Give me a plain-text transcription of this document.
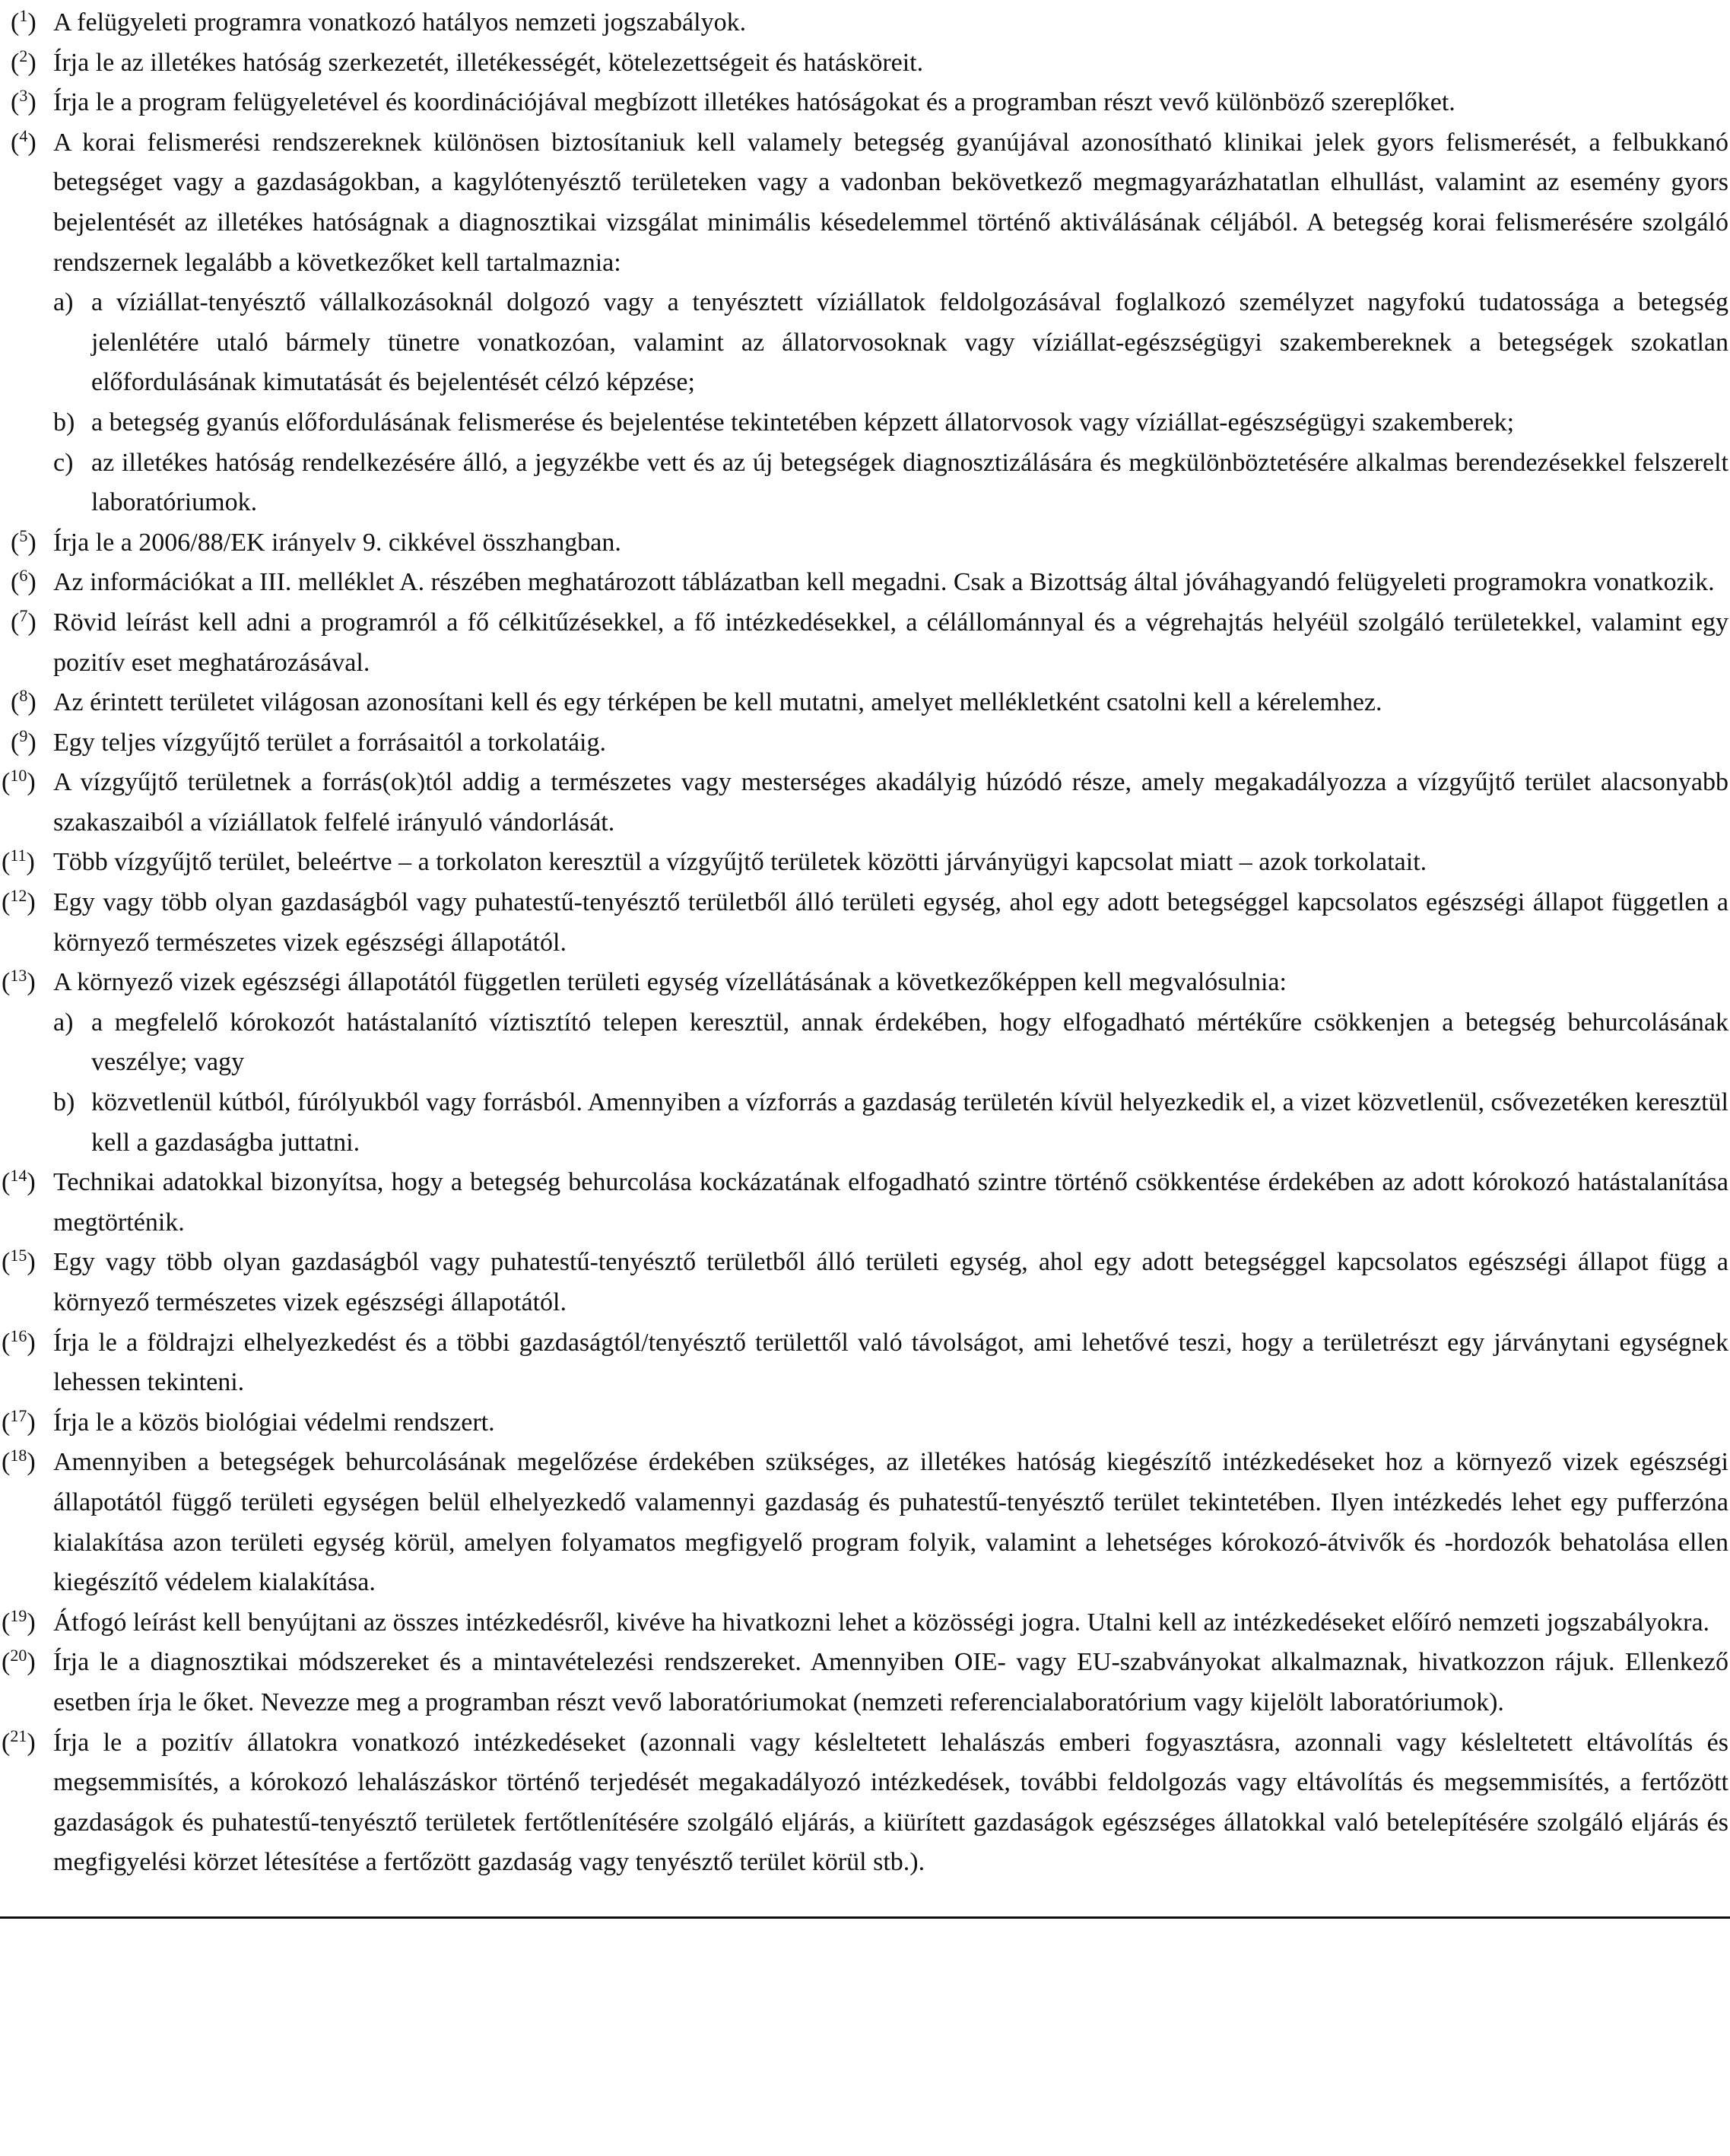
($^1$) A felügyeleti programra vonatkozó hatályos nemzeti jogszabályok.
($^2$) Írja le az illetékes hatóság szerkezetét, illetékességét, kötelezettségeit és hatásköreit.
($^3$) Írja le a program felügyeletével és koordinációjával megbízott illetékes hatóságokat és a programban részt vevő különböző szereplőket.
($^4$) A korai felismerési rendszereknek különösen biztosítaniuk kell valamely betegség gyanújával azonosítható klinikai jelek gyors felismerését, a felbukkanó betegséget vagy a gazdaságokban, a kagylótenyésztő területeken vagy a vadonban bekövetkező megmagyarázhatatlan elhullást, valamint az esemény gyors bejelentését az illetékes hatóságnak a diagnosztikai vizsgálat minimális késedelemmel történő aktiválásának céljából. A betegség korai felismerésére szolgáló rendszernek legalább a következőket kell tartalmaznia:
a) a víziállat-tenyésztő vállalkozásoknál dolgozó vagy a tenyésztett víziállatok feldolgozásával foglalkozó személyzet nagyfokú tudatossága a betegség jelenlétére utaló bármely tünetre vonatkozóan, valamint az állatorvosoknak vagy víziállat-egészségügyi szakembereknek a betegségek szokatlan előfordulásának kimutatását és bejelentését célzó képzése;
b) a betegség gyanús előfordulásának felismerése és bejelentése tekintetében képzett állatorvosok vagy víziállat-egészségügyi szakemberek;
c) az illetékes hatóság rendelkezésére álló, a jegyzékbe vett és az új betegségek diagnosztizálására és megkülönböztetésére alkalmas berendezésekkel felszerelt laboratóriumok.
($^5$) Írja le a 2006/88/EK irányelv 9. cikkével összhangban.
($^6$) Az információkat a III. melléklet A. részében meghatározott táblázatban kell megadni. Csak a Bizottság által jóváhagyandó felügyeleti programokra vonatkozik.
($^7$) Rövid leírást kell adni a programról a fő célkitűzésekkel, a fő intézkedésekkel, a célállománnyal és a végrehajtás helyéül szolgáló területekkel, valamint egy pozitív eset meghatározásával.
($^8$) Az érintett területet világosan azonosítani kell és egy térképen be kell mutatni, amelyet mellékletként csatolni kell a kérelemhez.
($^9$) Egy teljes vízgyűjtő terület a forrásaitól a torkolatáig.
($^{10}$) A vízgyűjtő területnek a forrás(ok)tól addig a természetes vagy mesterséges akadályig húzódó része, amely megakadályozza a vízgyűjtő terület alacsonyabb szakaszaiból a víziállatok felfelé irányuló vándorlását.
($^{11}$) Több vízgyűjtő terület, beleértve – a torkolaton keresztül a vízgyűjtő területek közötti járványügyi kapcsolat miatt – azok torkolatait.
($^{12}$) Egy vagy több olyan gazdaságból vagy puhatestű-tenyésztő területből álló területi egység, ahol egy adott betegséggel kapcsolatos egészségi állapot független a környező természetes vizek egészségi állapotától.
($^{13}$) A környező vizek egészségi állapotától független területi egység vízellátásának a következőképpen kell megvalósulnia:
a) a megfelelő kórokozót hatástalanító víztisztító telepen keresztül, annak érdekében, hogy elfogadható mértékűre csökkenjen a betegség behurcolásának veszélye; vagy
b) közvetlenül kútból, fúrólyukból vagy forrásból. Amennyiben a vízforrás a gazdaság területén kívül helyezkedik el, a vizet közvetlenül, csővezetéken keresztül kell a gazdaságba juttatni.
($^{14}$) Technikai adatokkal bizonyítsa, hogy a betegség behurcolása kockázatának elfogadható szintre történő csökkentése érdekében az adott kórokozó hatástalanítása megtörténik.
($^{15}$) Egy vagy több olyan gazdaságból vagy puhatestű-tenyésztő területből álló területi egység, ahol egy adott betegséggel kapcsolatos egészségi állapot függ a környező természetes vizek egészségi állapotától.
($^{16}$) Írja le a földrajzi elhelyezkedést és a többi gazdaságtól/tenyésztő területtől való távolságot, ami lehetővé teszi, hogy a területrészt egy járványtani egységnek lehessen tekinteni.
($^{17}$) Írja le a közös biológiai védelmi rendszert.
($^{18}$) Amennyiben a betegségek behurcolásának megelőzése érdekében szükséges, az illetékes hatóság kiegészítő intézkedéseket hoz a környező vizek egészségi állapotától függő területi egységen belül elhelyezkedő valamennyi gazdaság és puhatestű-tenyésztő terület tekintetében. Ilyen intézkedés lehet egy pufferzóna kialakítása azon területi egység körül, amelyen folyamatos megfigyelő program folyik, valamint a lehetséges kórokozó-átvivők és -hordozók behatolása ellen kiegészítő védelem kialakítása.
($^{19}$) Átfogó leírást kell benyújtani az összes intézkedésről, kivéve ha hivatkozni lehet a közösségi jogra. Utalni kell az intézkedéseket előíró nemzeti jogszabályokra.
($^{20}$) Írja le a diagnosztikai módszereket és a mintavételezési rendszereket. Amennyiben OIE- vagy EU-szabványokat alkalmaznak, hivatkozzon rájuk. Ellenkező esetben írja le őket. Nevezze meg a programban részt vevő laboratóriumokat (nemzeti referencialaboratórium vagy kijelölt laboratóriumok).
($^{21}$) Írja le a pozitív állatokra vonatkozó intézkedéseket (azonnali vagy késleltetett lehalászás emberi fogyasztásra, azonnali vagy késleltetett eltávolítás és megsemmisítés, a kórokozó lehalászáskor történő terjedését megakadályozó intézkedések, további feldolgozás vagy eltávolítás és megsemmisítés, a fertőzött gazdaságok és puhatestű-tenyésztő területek fertőtlenítésére szolgáló eljárás, a kiürített gazdaságok egészséges állatokkal való betelepítésére szolgáló eljárás és megfigyelési körzet létesítése a fertőzött gazdaság vagy tenyésztő terület körül stb.).
